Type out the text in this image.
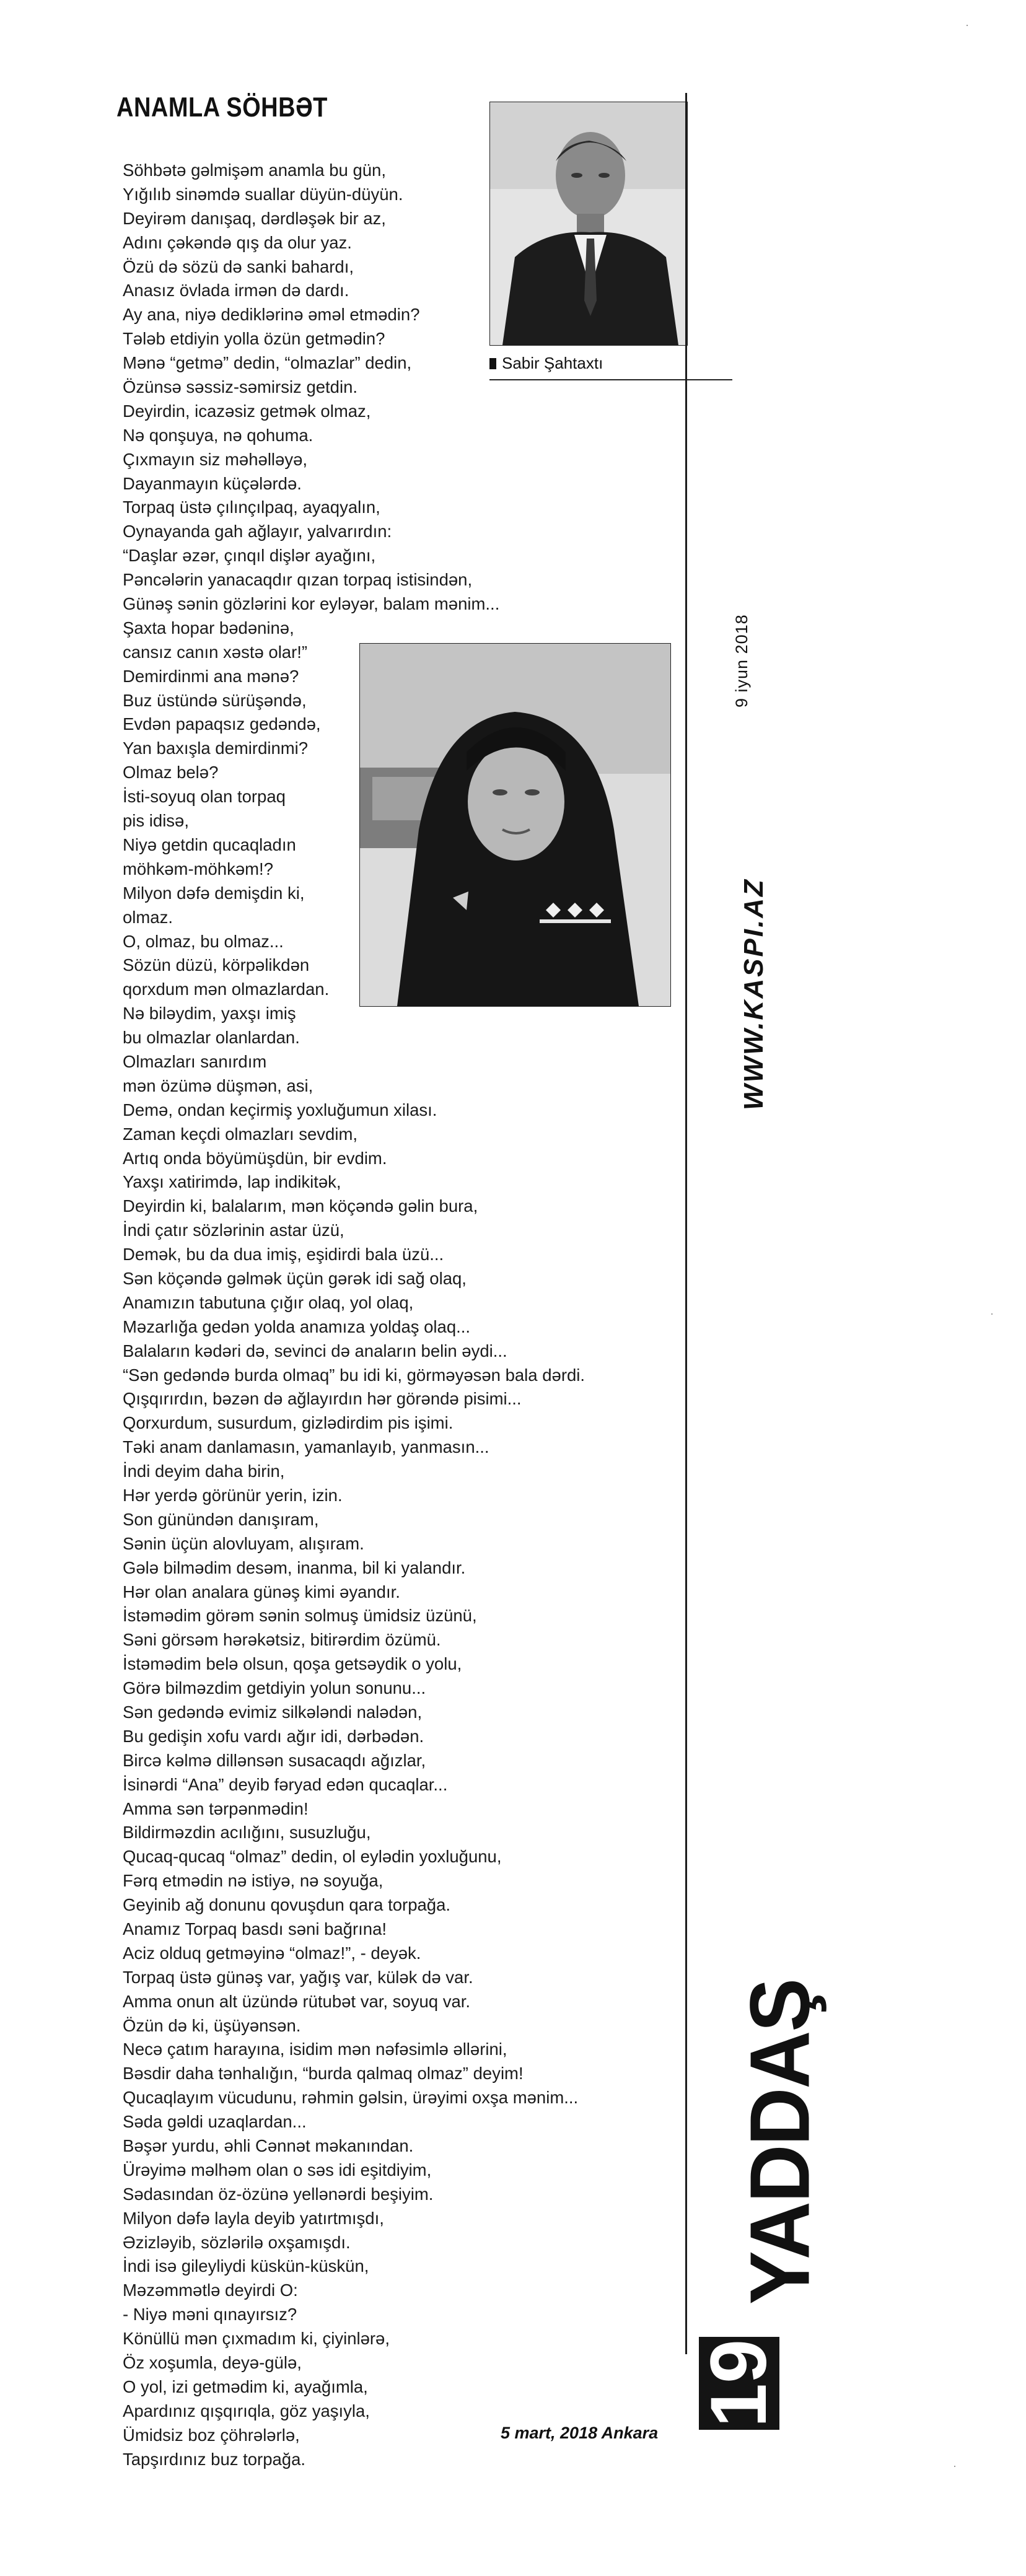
ANAMLA SÖHBƏT
Sabir Şahtaxtı
Söhbətə gəlmişəm anamla bu gün,
Yığılıb sinəmdə suallar düyün-düyün.
Deyirəm danışaq, dərdləşək bir az,
Adını çəkəndə qış da olur yaz.
Özü də sözü də sanki bahardı,
Anasız övlada irmən də dardı.
Ay ana, niyə dediklərinə əməl etmədin?
Tələb etdiyin yolla özün getmədin?
Mənə “getmə” dedin, “olmazlar” dedin,
Özünsə səssiz-səmirsiz getdin.
Deyirdin, icazəsiz getmək olmaz,
Nə qonşuya, nə qohuma.
Çıxmayın siz məhəlləyə,
Dayanmayın küçələrdə.
Torpaq üstə çılınçılpaq, ayaqyalın,
Oynayanda gah ağlayır, yalvarırdın:
“Daşlar əzər, çınqıl dişlər ayağını,
Pəncələrin yanacaqdır qızan torpaq istisindən,
Günəş sənin gözlərini kor eyləyər, balam mənim...
Şaxta hopar bədəninə,
cansız canın xəstə olar!”
Demirdinmi ana mənə?
Buz üstündə sürüşəndə,
Evdən papaqsız gedəndə,
Yan baxışla demirdinmi?
Olmaz belə?
İsti-soyuq olan torpaq
pis idisə,
Niyə getdin qucaqladın
möhkəm-möhkəm!?
Milyon dəfə demişdin ki,
olmaz.
O, olmaz, bu olmaz...
Sözün düzü, körpəlikdən
qorxdum mən olmazlardan.
Nə biləydim, yaxşı imiş
bu olmazlar olanlardan.
Olmazları sanırdım
mən özümə düşmən, asi,
Demə, ondan keçirmiş yoxluğumun xilası.
Zaman keçdi olmazları sevdim,
Artıq onda böyümüşdün, bir evdim.
Yaxşı xatirimdə, lap indikitək,
Deyirdin ki, balalarım, mən köçəndə gəlin bura,
İndi çatır sözlərinin astar üzü,
Demək, bu da dua imiş, eşidirdi bala üzü...
Sən köçəndə gəlmək üçün gərək idi sağ olaq,
Anamızın tabutuna çığır olaq, yol olaq,
Məzarlığa gedən yolda anamıza yoldaş olaq...
Balaların kədəri də, sevinci də anaların belin əydi...
“Sən gedəndə burda olmaq” bu idi ki, görməyəsən bala dərdi.
Qışqırırdın, bəzən də ağlayırdın hər görəndə pisimi...
Qorxurdum, susurdum, gizlədirdim pis işimi.
Təki anam danlamasın, yamanlayıb, yanmasın...
İndi deyim daha birin,
Hər yerdə görünür yerin, izin.
Son günündən danışıram,
Sənin üçün alovluyam, alışıram.
Gələ bilmədim desəm, inanma, bil ki yalandır.
Hər olan analara günəş kimi əyandır.
İstəmədim görəm sənin solmuş ümidsiz üzünü,
Səni görsəm hərəkətsiz, bitirərdim özümü.
İstəmədim belə olsun, qoşa getsəydik o yolu,
Görə bilməzdim getdiyin yolun sonunu...
Sən gedəndə evimiz silkələndi nalədən,
Bu gedişin xofu vardı ağır idi, dərbədən.
Bircə kəlmə dillənsən susacaqdı ağızlar,
İsinərdi “Ana” deyib fəryad edən qucaqlar...
Amma sən tərpənmədin!
Bildirməzdin acılığını, susuzluğu,
Qucaq-qucaq “olmaz” dedin, ol eylədin yoxluğunu,
Fərq etmədin nə istiyə, nə soyuğa,
Geyinib ağ donunu qovuşdun qara torpağa.
Anamız Torpaq basdı səni bağrına!
Aciz olduq getməyinə “olmaz!”, - deyək.
Torpaq üstə günəş var, yağış var, külək də var.
Amma onun alt üzündə rütubət var, soyuq var.
Özün də ki, üşüyənsən.
Necə çatım harayına, isidim mən nəfəsimlə əllərini,
Bəsdir daha tənhalığın, “burda qalmaq olmaz” deyim!
Qucaqlayım vücudunu, rəhmin gəlsin, ürəyimi oxşa mənim...
Səda gəldi uzaqlardan...
Bəşər yurdu, əhli Cənnət məkanından.
Ürəyimə məlhəm olan o səs idi eşitdiyim,
Sədasından öz-özünə yellənərdi beşiyim.
Milyon dəfə layla deyib yatırtmışdı,
Əzizləyib, sözlərilə oxşamışdı.
İndi isə gileyliydi küskün-küskün,
Məzəmmətlə deyirdi O:
- Niyə məni qınayırsız?
Könüllü mən çıxmadım ki, çiyinlərə,
Öz xoşumla, deyə-gülə,
O yol, izi getmədim ki, ayağımla,
Apardınız qışqırıqla, göz yaşıyla,
Ümidsiz boz çöhrələrlə,
Tapşırdınız buz torpağa.
9 iyun 2018
WWW.KASPI.AZ
YADDAŞ
19
5 mart, 2018 Ankara
